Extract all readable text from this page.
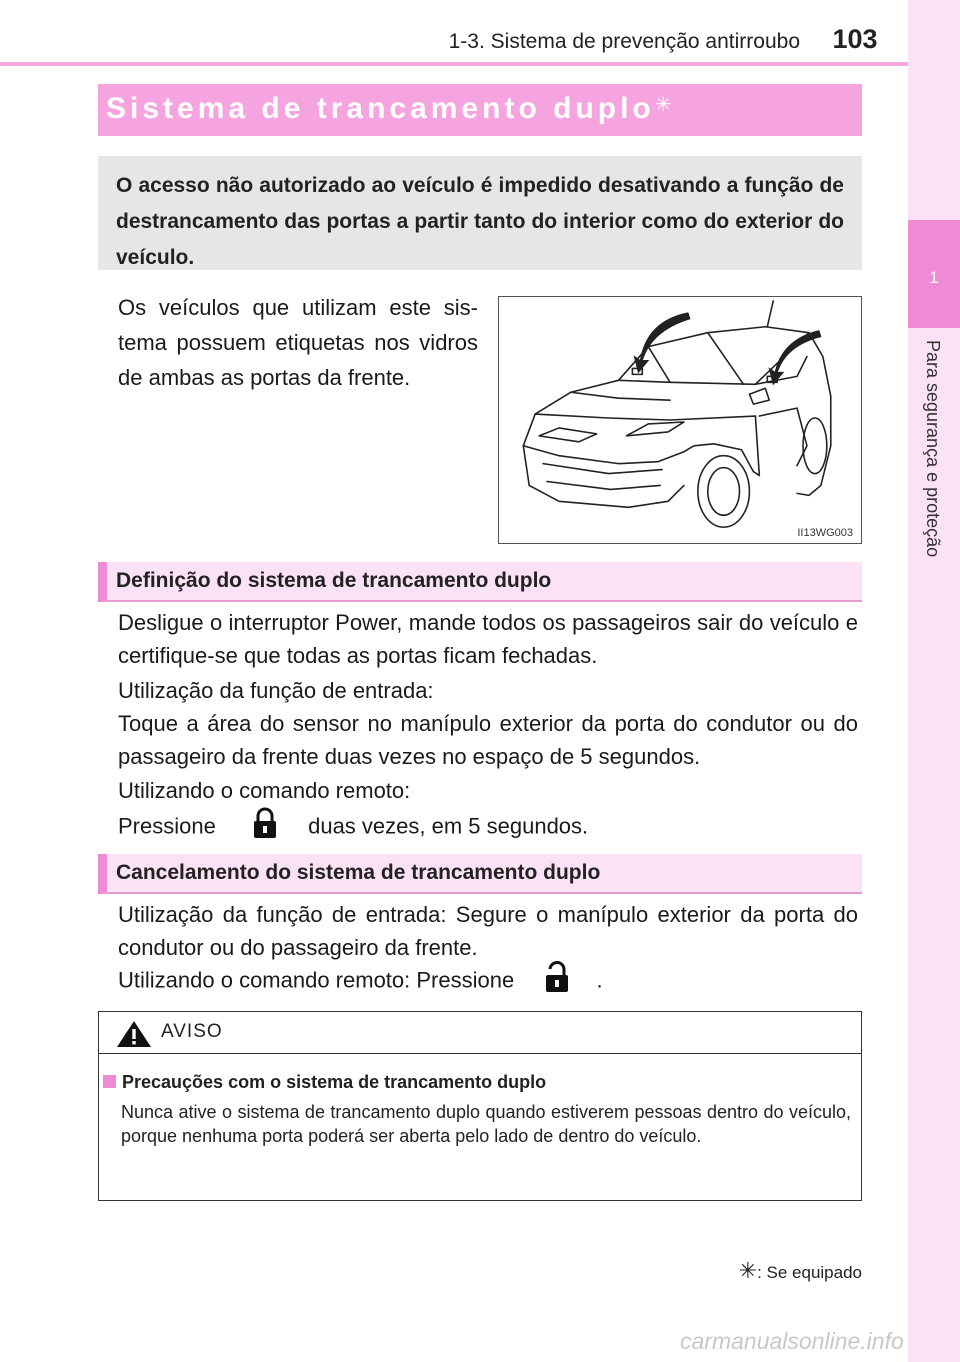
1-3. Sistema de prevenção antirroubo	103
1
Para segurança e proteção
Sistema de trancamento duplo✳
O acesso não autorizado ao veículo é impedido desativando a função de destrancamento das portas a partir tanto do interior como do exterior do veículo.
Os veículos que utilizam este sis-tema possuem etiquetas nos vidros de ambas as portas da frente.
II13WG003
Definição do sistema de trancamento duplo
Desligue o interruptor Power, mande todos os passageiros sair do veículo e certifique-se que todas as portas ficam fechadas.
Utilização da função de entrada:
Toque a área do sensor no manípulo exterior da porta do condutor ou do passageiro da frente duas vezes no espaço de 5 segundos.
Utilizando o comando remoto:
Pressione	duas vezes, em 5 segundos.
Cancelamento do sistema de trancamento duplo
Utilização da função de entrada: Segure o manípulo exterior da porta do condutor ou do passageiro da frente.
Utilizando o comando remoto: Pressione	.
AVISO
Precauções com o sistema de trancamento duplo
Nunca ative o sistema de trancamento duplo quando estiverem pessoas dentro do veículo, porque nenhuma porta poderá ser aberta pelo lado de dentro do veículo.
✳: Se equipado
carmanualsonline.info
